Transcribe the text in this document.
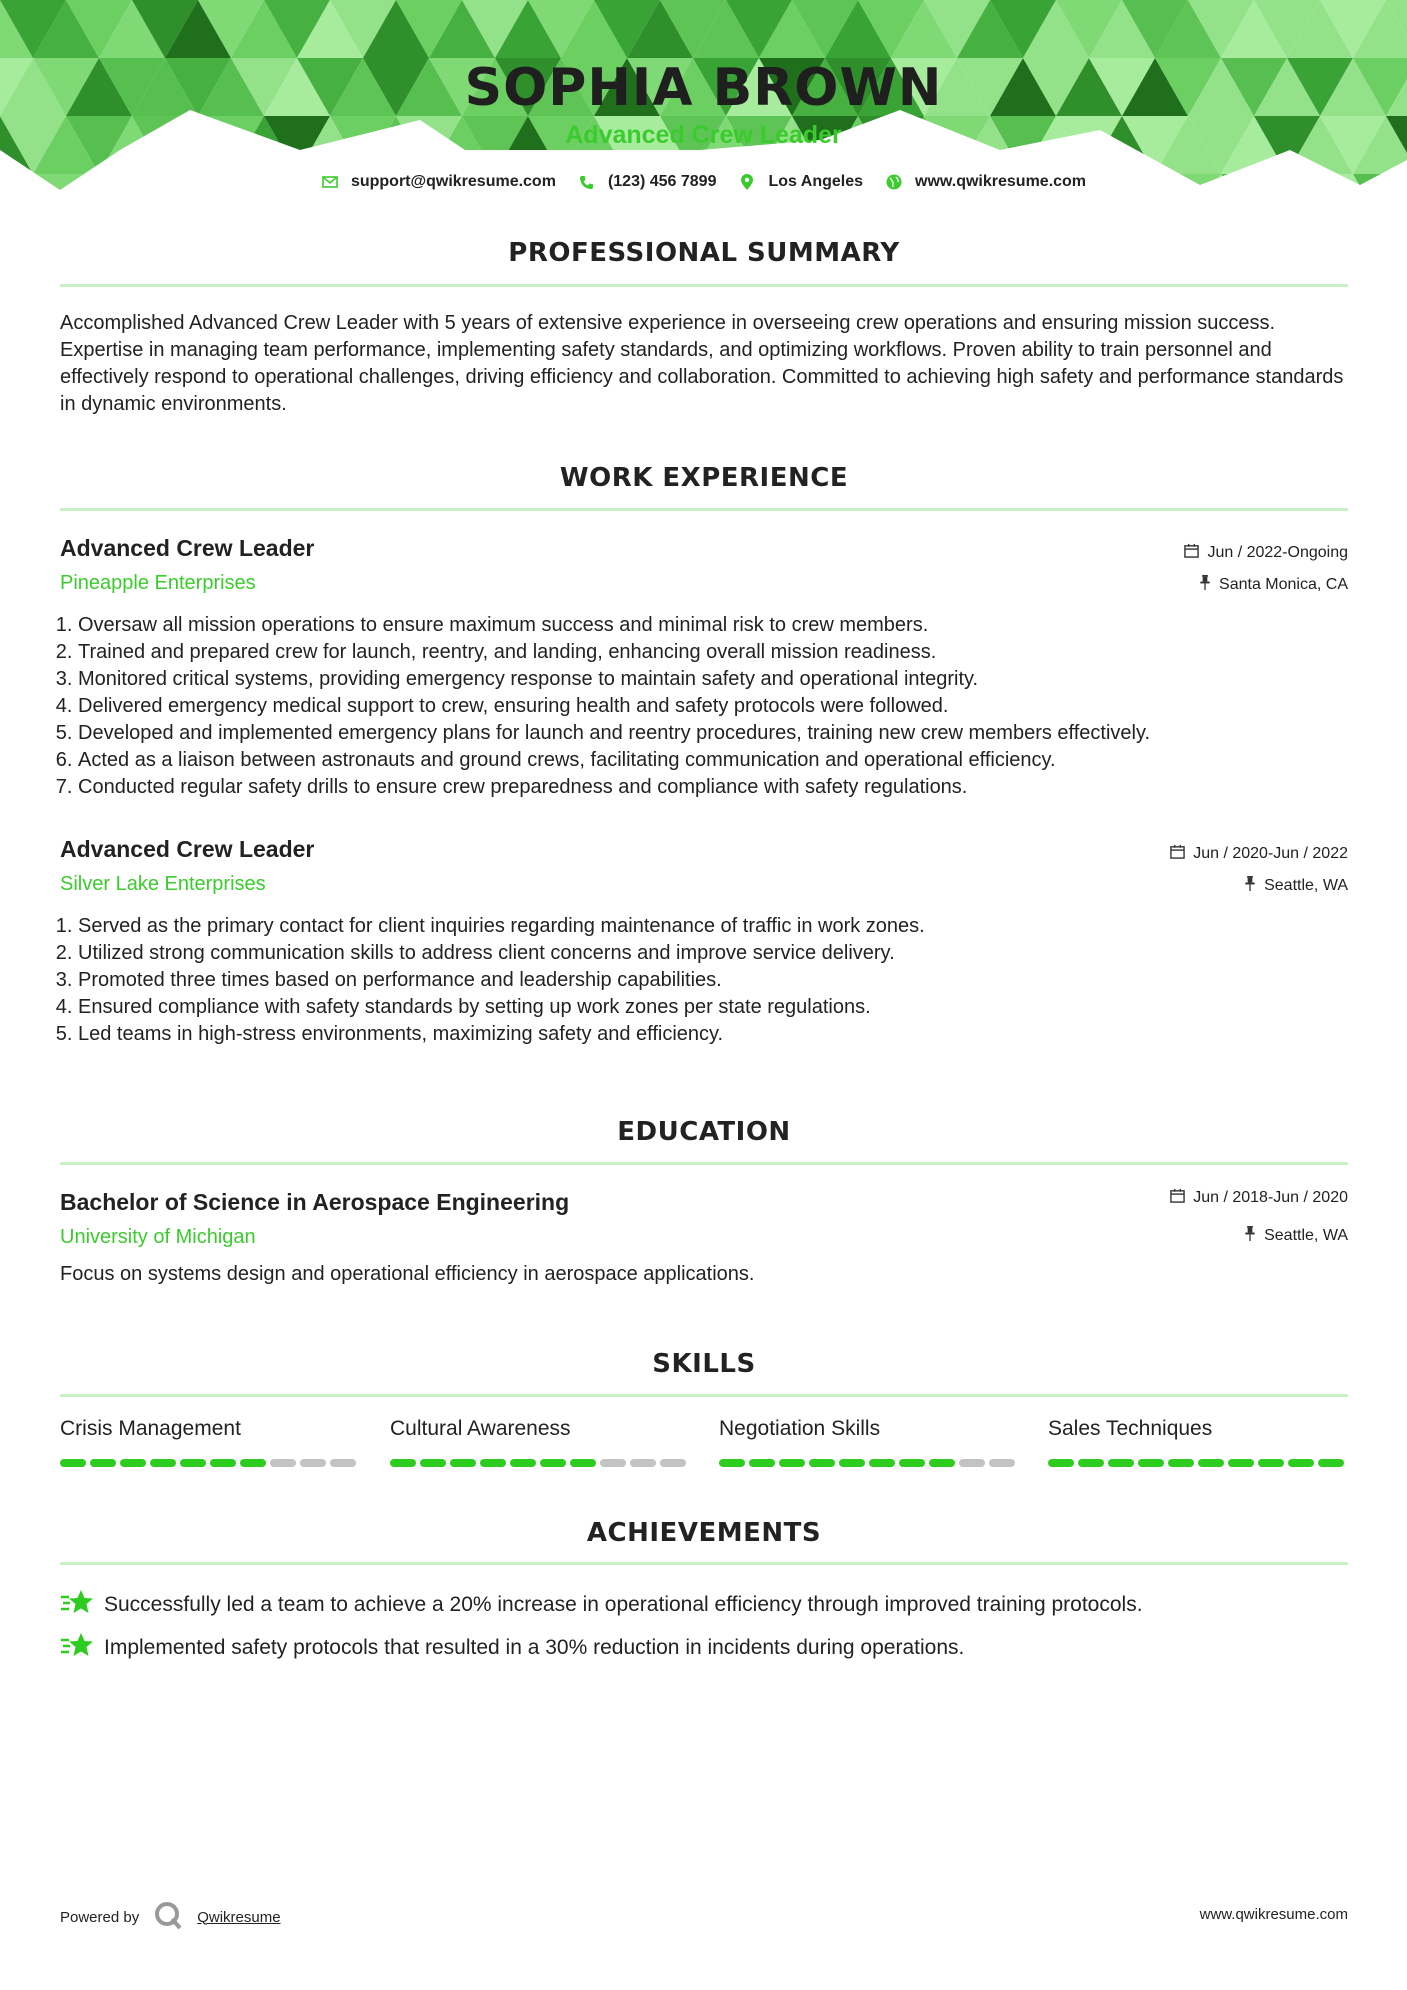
SOPHIA BROWN
Advanced Crew Leader
support@qwikresume.com	(123) 456 7899	Los Angeles	www.qwikresume.com
PROFESSIONAL SUMMARY
Accomplished Advanced Crew Leader with 5 years of extensive experience in overseeing crew operations and ensuring mission success. Expertise in managing team performance, implementing safety standards, and optimizing workflows. Proven ability to train personnel and effectively respond to operational challenges, driving efficiency and collaboration. Committed to achieving high safety and performance standards in dynamic environments.
WORK EXPERIENCE
Advanced Crew Leader
Pineapple Enterprises
Jun / 2022-Ongoing
Santa Monica, CA
1. Oversaw all mission operations to ensure maximum success and minimal risk to crew members.
2. Trained and prepared crew for launch, reentry, and landing, enhancing overall mission readiness.
3. Monitored critical systems, providing emergency response to maintain safety and operational integrity.
4. Delivered emergency medical support to crew, ensuring health and safety protocols were followed.
5. Developed and implemented emergency plans for launch and reentry procedures, training new crew members effectively.
6. Acted as a liaison between astronauts and ground crews, facilitating communication and operational efficiency.
7. Conducted regular safety drills to ensure crew preparedness and compliance with safety regulations.
Advanced Crew Leader
Silver Lake Enterprises
Jun / 2020-Jun / 2022
Seattle, WA
1. Served as the primary contact for client inquiries regarding maintenance of traffic in work zones.
2. Utilized strong communication skills to address client concerns and improve service delivery.
3. Promoted three times based on performance and leadership capabilities.
4. Ensured compliance with safety standards by setting up work zones per state regulations.
5. Led teams in high-stress environments, maximizing safety and efficiency.
EDUCATION
Bachelor of Science in Aerospace Engineering
University of Michigan
Jun / 2018-Jun / 2020
Seattle, WA
Focus on systems design and operational efficiency in aerospace applications.
SKILLS
Crisis Management	Cultural Awareness	Negotiation Skills	Sales Techniques
ACHIEVEMENTS
Successfully led a team to achieve a 20% increase in operational efficiency through improved training protocols.
Implemented safety protocols that resulted in a 30% reduction in incidents during operations.
Powered by	Qwikresume	www.qwikresume.com
